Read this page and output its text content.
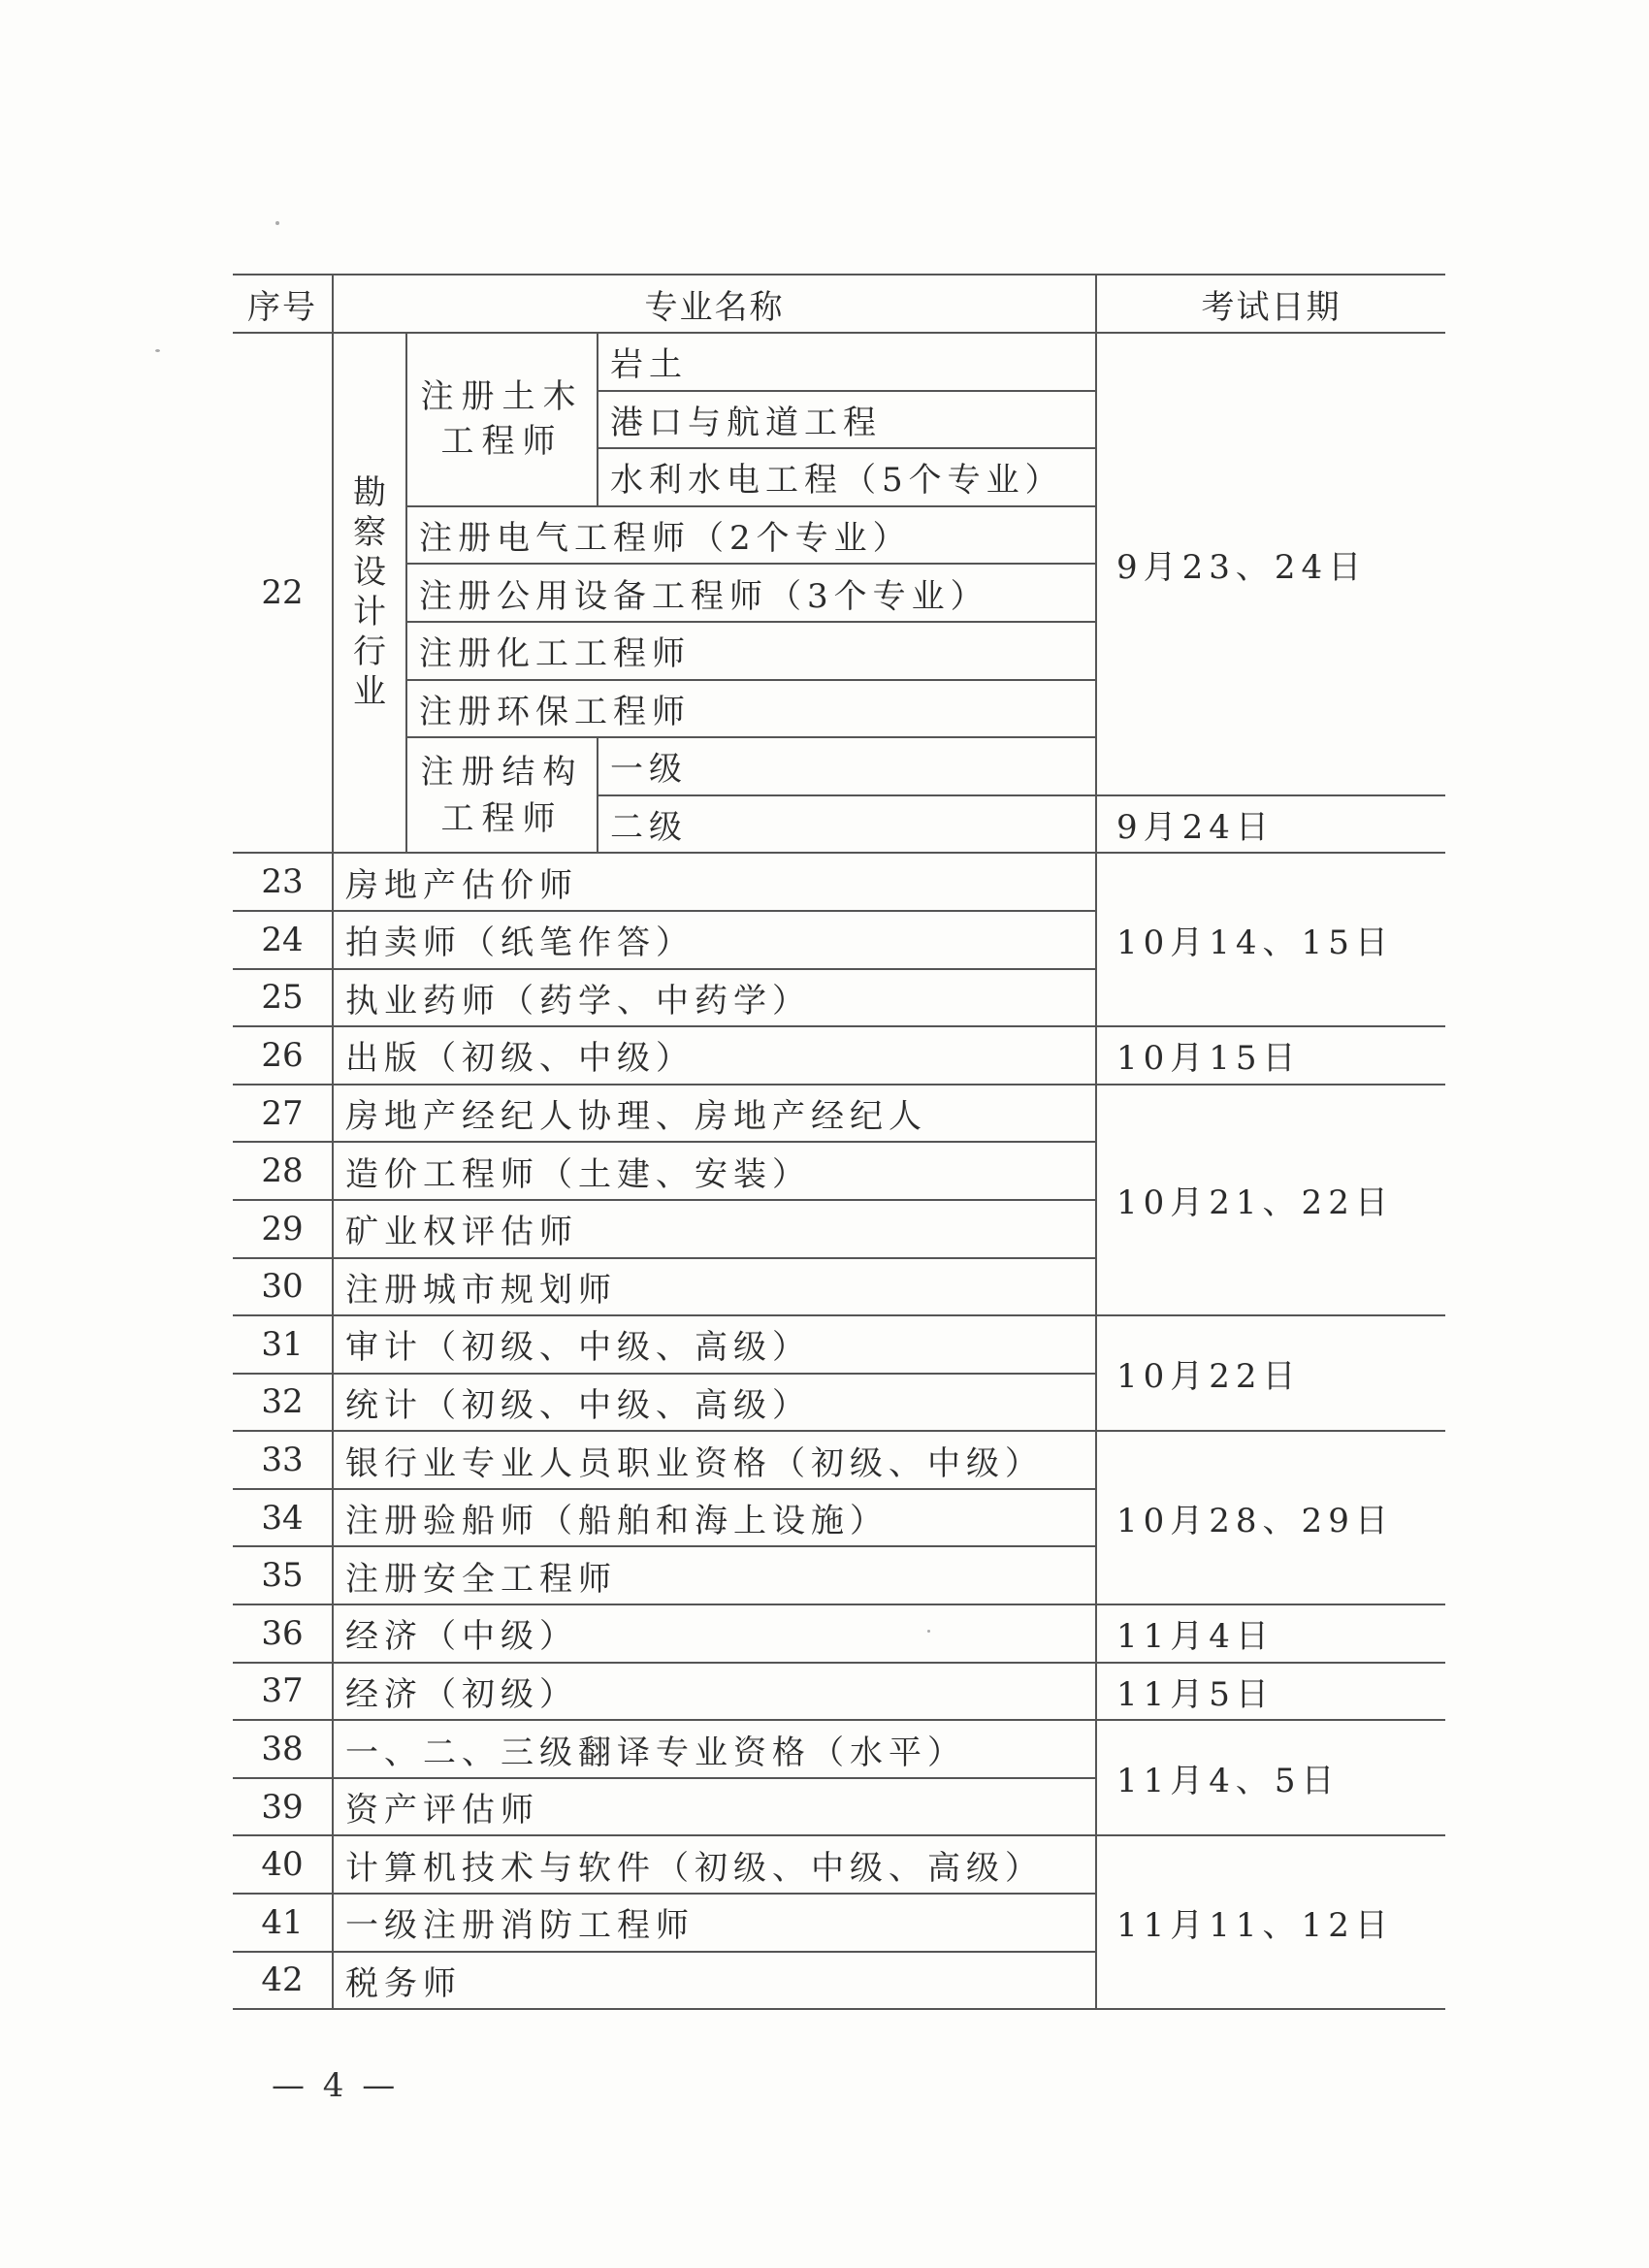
序号	专业名称			考试日期
22	勘察设计行业	注册土木工程师	岩土	9月23、24日
			港口与航道工程	
			水利水电工程（5个专业）	
		注册电气工程师（2个专业）		
		注册公用设备工程师（3个专业）		
		注册化工工程师		
		注册环保工程师		
		注册结构工程师	一级	
			二级	9月24日
23	房地产估价师			10月14、15日
24	拍卖师（纸笔作答）			
25	执业药师（药学、中药学）			
26	出版（初级、中级）			10月15日
27	房地产经纪人协理、房地产经纪人			10月21、22日
28	造价工程师（土建、安装）			
29	矿业权评估师			
30	注册城市规划师			
31	审计（初级、中级、高级）			10月22日
32	统计（初级、中级、高级）			
33	银行业专业人员职业资格（初级、中级）			10月28、29日
34	注册验船师（船舶和海上设施）			
35	注册安全工程师			
36	经济（中级）			11月4日
37	经济（初级）			11月5日
38	一、二、三级翻译专业资格（水平）			11月4、5日
39	资产评估师			
40	计算机技术与软件（初级、中级、高级）			11月11、12日
41	一级注册消防工程师			
42	税务师			
— 4 —
